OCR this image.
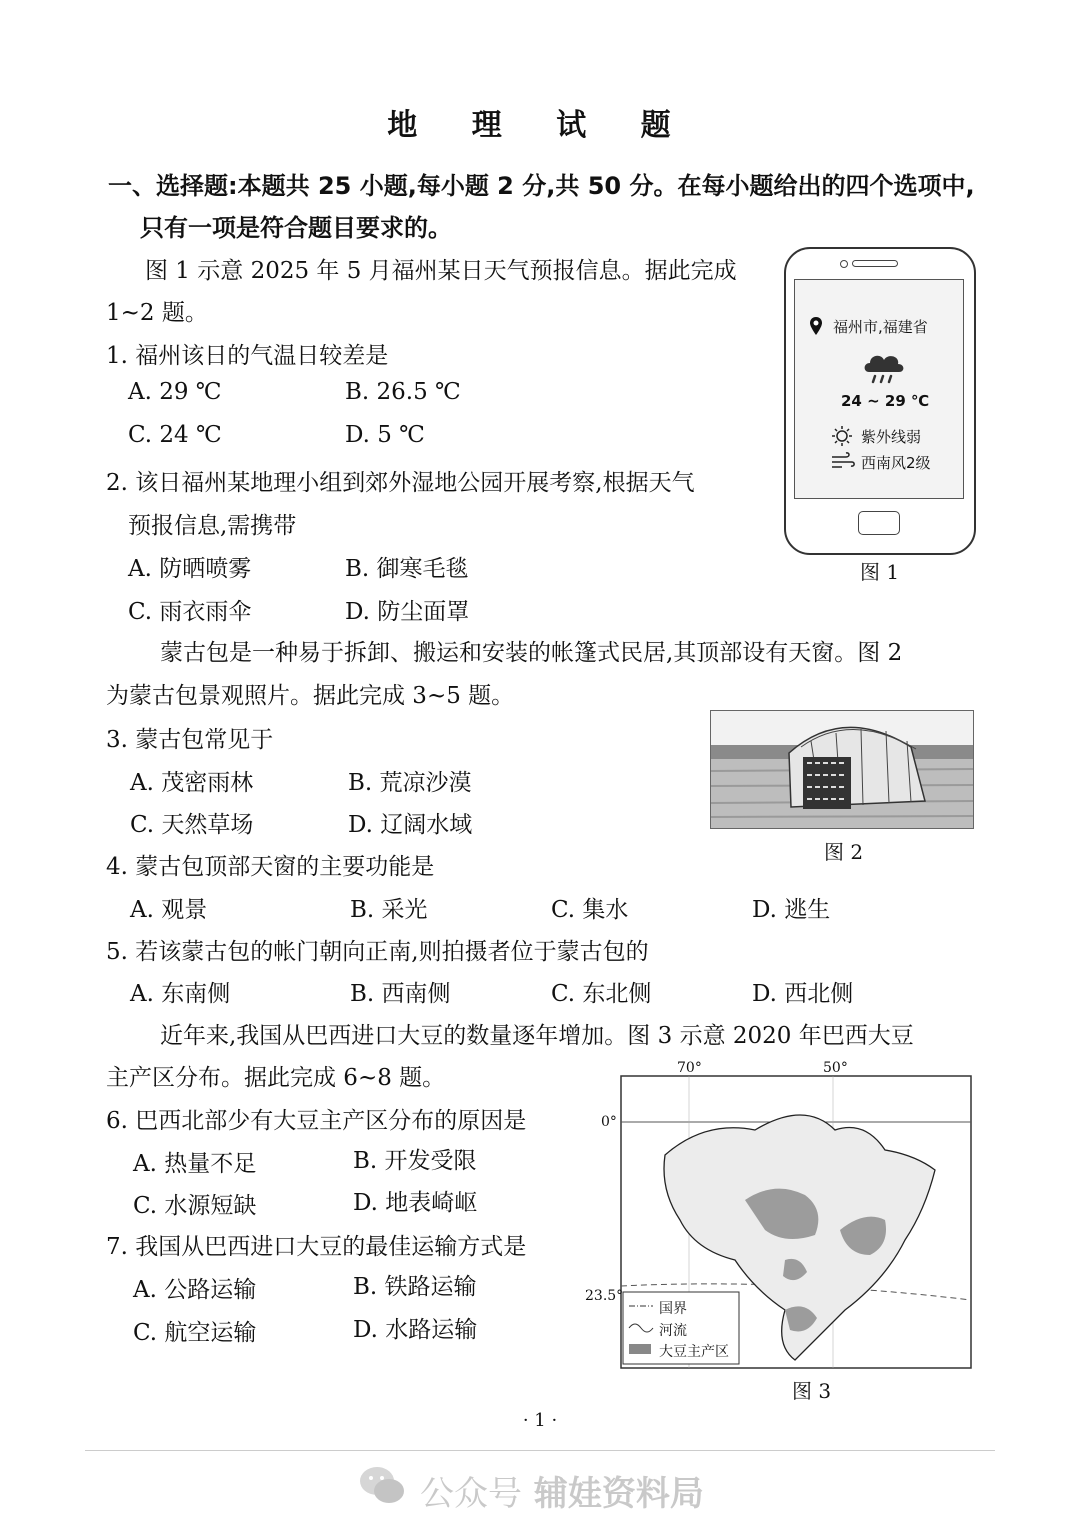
地 理 试 题
一、选择题:本题共 25 小题,每小题 2 分,共 50 分。在每小题给出的四个选项中,
只有一项是符合题目要求的。
图 1 示意 2025 年 5 月福州某日天气预报信息。据此完成
1~2 题。
1. 福州该日的气温日较差是
A. 29 ℃	B. 26.5 ℃
C. 24 ℃	D. 5 ℃
2. 该日福州某地理小组到郊外湿地公园开展考察,根据天气
预报信息,需携带
A. 防晒喷雾	B. 御寒毛毯
C. 雨衣雨伞	D. 防尘面罩
福州市,福建省
24 ~ 29 ℃
紫外线弱
西南风2级
图 1
蒙古包是一种易于拆卸、搬运和安装的帐篷式民居,其顶部设有天窗。图 2
为蒙古包景观照片。据此完成 3~5 题。
3. 蒙古包常见于
A. 茂密雨林	B. 荒凉沙漠
C. 天然草场	D. 辽阔水域
图 2
4. 蒙古包顶部天窗的主要功能是
A. 观景	B. 采光	C. 集水	D. 逃生
5. 若该蒙古包的帐门朝向正南,则拍摄者位于蒙古包的
A. 东南侧	B. 西南侧	C. 东北侧	D. 西北侧
近年来,我国从巴西进口大豆的数量逐年增加。图 3 示意 2020 年巴西大豆
主产区分布。据此完成 6~8 题。
6. 巴西北部少有大豆主产区分布的原因是
A. 热量不足	B. 开发受限
C. 水源短缺	D. 地表崎岖
7. 我国从巴西进口大豆的最佳运输方式是
A. 公路运输	B. 铁路运输
C. 航空运输	D. 水路运输
70°	50°
0°
23.5°
国界
河流
大豆主产区
图 3
· 1 ·
公众号 辅娃资料局
